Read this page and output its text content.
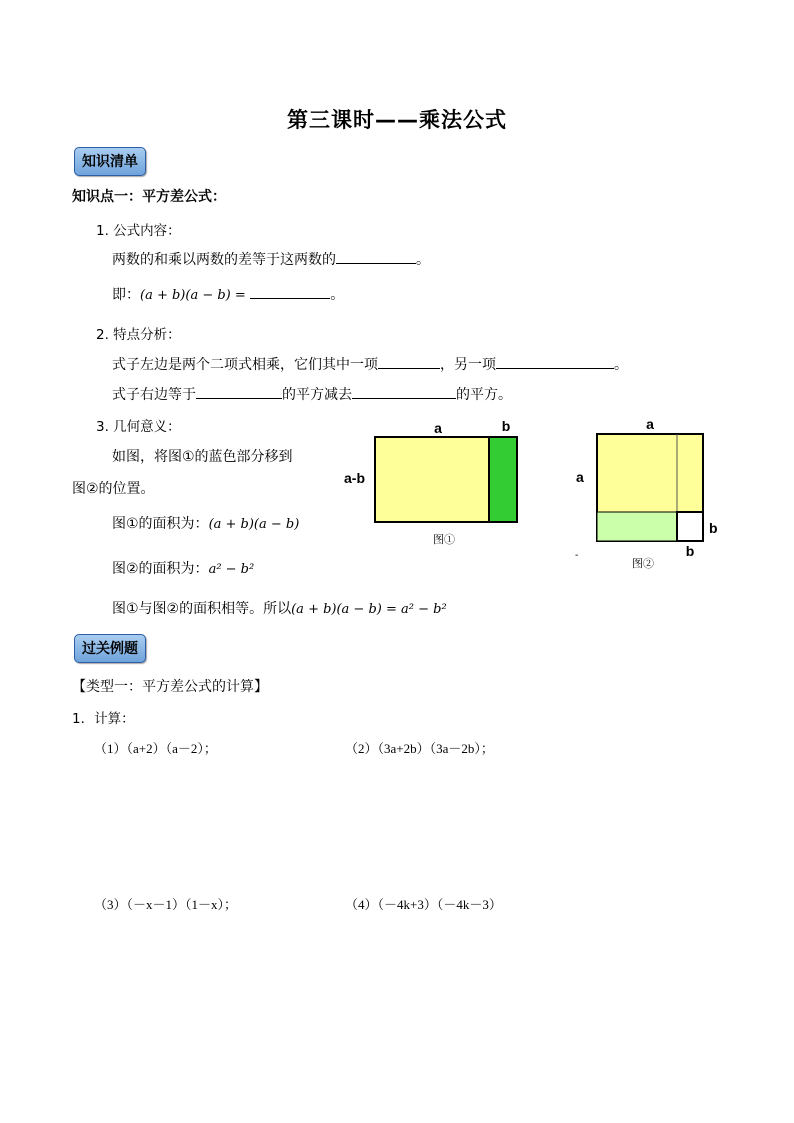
第三课时——乘法公式
知识清单
知识点一：平方差公式：
1. 公式内容：
两数的和乘以两数的差等于这两数的	。
即：(a + b)(a − b) =	。
2. 特点分析：
式子左边是两个二项式相乘，它们其中一项	，另一项	。
式子右边等于	的平方减去	的平方。
3. 几何意义：
如图，将图①的蓝色部分移到
图②的位置。
图①的面积为：(a + b)(a − b)
图②的面积为：a² − b²
图①与图②的面积相等。所以(a + b)(a − b) = a² − b²
a	b
a-b
图①
a
a
b
b
-
图②
过关例题
【类型一：平方差公式的计算】
1．计算：
（1）（a+2）（a－2）；	（2）（3a+2b）（3a－2b）；
（3）（－x－1）（1－x）；	（4）（－4k+3）（－4k－3）
